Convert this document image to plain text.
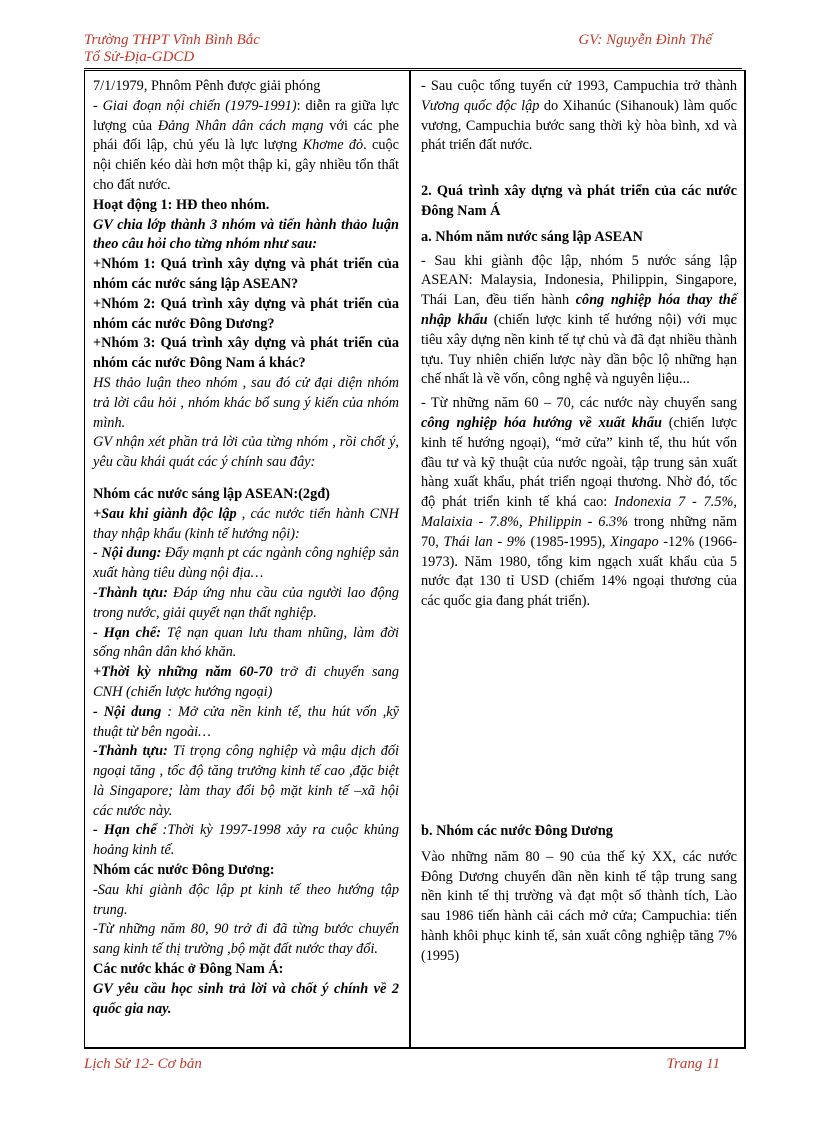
Trường THPT Vĩnh Bình Bắc
Tổ Sử-Địa-GDCD
GV: Nguyễn Đình Thế

7/1/1979, Phnôm Pênh được giải phóng

- Giai đoạn nội chiến (1979-1991): diễn ra giữa lực lượng của Đảng Nhân dân cách mạng với các phe phái đối lập, chủ yếu là lực lượng Khơme đỏ. cuộc nội chiến kéo dài hơn một thập kỉ, gây nhiều tổn thất cho đất nước.

Hoạt động 1: HĐ theo nhóm.

GV chia lớp thành 3 nhóm và tiến hành thảo luận theo câu hỏi cho từng nhóm như sau:

+Nhóm 1: Quá trình xây dựng và phát triển của nhóm các nước sáng lập ASEAN?

+Nhóm 2: Quá trình xây dựng và phát triển của nhóm các nước Đông Dương?

+Nhóm 3: Quá trình xây dựng và phát triển của nhóm các nước Đông Nam á khác?

HS thảo luận theo nhóm , sau đó cử đại diện nhóm trả lời câu hỏi , nhóm khác bổ sung ý kiến của nhóm mình.

GV nhận xét phần trả lời của từng nhóm , rồi chốt ý, yêu cầu khái quát các ý chính sau đây:

Nhóm các nước sáng lập ASEAN:(2gđ)

+Sau khi giành độc lập , các nước tiến hành CNH thay nhập khẩu (kinh tế hướng nội):

- Nội dung: Đẩy mạnh pt các ngành công nghiệp sản xuất hàng tiêu dùng nội địa…

-Thành tựu: Đáp ứng nhu cầu của người lao động trong nước, giải quyết nạn thất nghiệp.

- Hạn chế: Tệ nạn quan lưu tham nhũng, làm đời sống nhân dân khó khăn.

+Thời kỳ những năm 60-70 trở đi chuyển sang CNH (chiến lược hướng ngoại)

- Nội dung : Mở cửa nền kinh tế, thu hút vốn ,kỹ thuật từ bên ngoài…

-Thành tựu: Tỉ trọng công nghiệp và mậu dịch đối ngoại tăng , tốc độ tăng trưởng kinh tế cao ,đặc biệt là Singapore; làm thay đổi bộ mặt kinh tế –xã hội các nước này.

- Hạn chế :Thời kỳ 1997-1998 xảy ra cuộc khủng hoảng kinh tế.

Nhóm các nước Đông Dương:

-Sau khi giành độc lập pt kinh tế theo hướng tập trung.

-Từ những năm 80, 90 trở đi đã từng bước chuyển sang kinh tế thị trường ,bộ mặt đất nước thay đổi.

Các nước khác ở Đông Nam Á:

GV yêu cầu học sinh trả lời và chốt ý chính về 2 quốc gia nay.

- Sau cuộc tổng tuyển cử 1993, Campuchia trở thành Vương quốc độc lập do Xihanúc (Sihanouk) làm quốc vương, Campuchia bước sang thời kỳ hòa bình, xd và phát triển đất nước.

2. Quá trình xây dựng và phát triển của các nước Đông Nam Á

a. Nhóm năm nước sáng lập ASEAN

- Sau khi giành độc lập, nhóm 5 nước sáng lập ASEAN: Malaysia, Indonesia, Philippin, Singapore, Thái Lan, đều tiến hành công nghiệp hóa thay thế nhập khẩu (chiến lược kinh tế hướng nội) với mục tiêu xây dựng nền kinh tế tự chủ và đã đạt nhiều thành tựu. Tuy nhiên chiến lược này dần bộc lộ những hạn chế nhất là về vốn, công nghệ và nguyên liệu...

- Từ những năm 60 – 70, các nước này chuyển sang công nghiệp hóa hướng về xuất khẩu (chiến lược kinh tế hướng ngoại), “mở cửa” kinh tế, thu hút vốn đầu tư và kỹ thuật của nước ngoài, tập trung sản xuất hàng xuất khẩu, phát triển ngoại thương. Nhờ đó, tốc độ phát triển kinh tế khá cao: Indonexia 7 - 7.5%, Malaixia - 7.8%, Philippin - 6.3% trong những năm 70, Thái lan - 9% (1985-1995), Xingapo -12% (1966-1973). Năm 1980, tổng kim ngạch xuất khẩu của 5 nước đạt 130 tỉ USD (chiếm 14% ngoại thương của các quốc gia đang phát triển).

b. Nhóm các nước Đông Dương

Vào những năm 80 – 90 của thế kỷ XX, các nước Đông Dương chuyển dần nền kinh tế tập trung sang nền kinh tế thị trường và đạt một số thành tích, Lào sau 1986 tiến hành cải cách mở cửa; Campuchia: tiến hành khôi phục kinh tế, sản xuất công nghiệp tăng 7% (1995)

Lịch Sử 12- Cơ bản	Trang 11
